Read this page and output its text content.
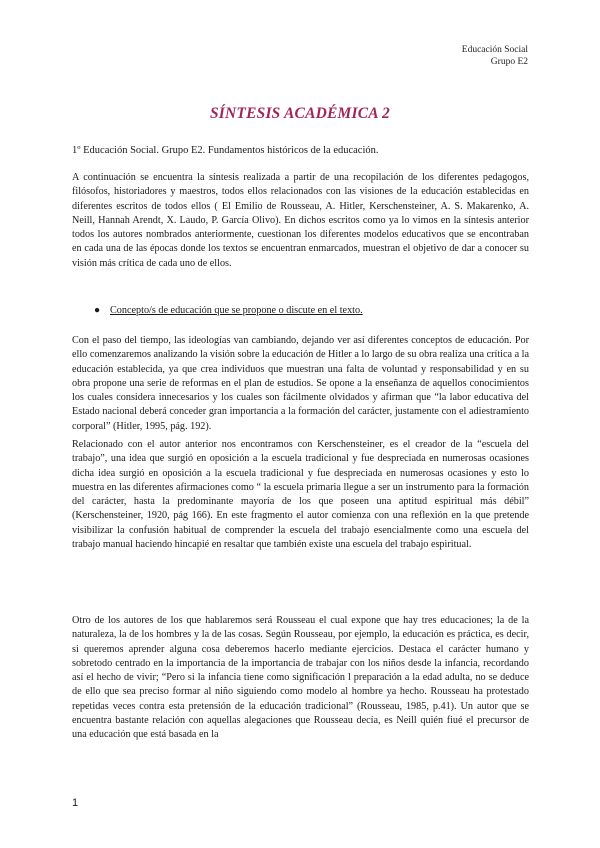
Educación Social
Grupo E2
SÍNTESIS ACADÉMICA 2
1º Educación Social. Grupo E2. Fundamentos históricos de la educación.

A continuación se encuentra la síntesis realizada a partir de una recopilación de los diferentes pedagogos, filósofos, historiadores y maestros, todos ellos relacionados con las visiones de la educación establecidas en diferentes escritos de todos ellos ( El Emilio de Rousseau, A. Hitler, Kerschensteiner, A. S. Makarenko, A. Neill, Hannah Arendt, X. Laudo, P. García Olivo). En dichos escritos como ya lo vimos en la síntesis anterior todos los autores nombrados anteriormente, cuestionan los diferentes modelos educativos que se encontraban en cada una de las épocas donde los textos se encuentran enmarcados, muestran el objetivo de dar a conocer su visión más crítica de cada uno de ellos.

● Concepto/s de educación que se propone o discute en el texto.

Con el paso del tiempo, las ideologías van cambiando, dejando ver así diferentes conceptos de educación. Por ello comenzaremos analizando la visión sobre la educación de Hitler a lo largo de su obra realiza una crítica a la educación establecida, ya que crea individuos que muestran una falta de voluntad y responsabilidad y en su obra propone una serie de reformas en el plan de estudios. Se opone a la enseñanza de aquellos conocimientos los cuales considera innecesarios y los cuales son fácilmente olvidados y afirman que “la labor educativa del Estado nacional deberá conceder gran importancia a la formación del carácter, justamente con el adiestramiento corporal” (Hitler, 1995, pág. 192).

Relacionado con el autor anterior nos encontramos con Kerschensteiner, es el creador de la “escuela del trabajo”, una idea que surgió en oposición a la escuela tradicional y fue despreciada en numerosas ocasiones dicha idea surgió en oposición a la escuela tradicional y fue despreciada en numerosas ocasiones y esto lo muestra en las diferentes afirmaciones como “ la escuela primaria llegue a ser un instrumento para la formación del carácter, hasta la predominante mayoría de los que poseen una aptitud espiritual más débil” (Kerschensteiner, 1920, pág 166). En este fragmento el autor comienza con una reflexión en la que pretende visibilizar la confusión habitual de comprender la escuela del trabajo esencialmente como una escuela del trabajo manual haciendo hincapié en resaltar que también existe una escuela del trabajo espiritual.

Otro de los autores de los que hablaremos será Rousseau el cual expone que hay tres educaciones; la de la naturaleza, la de los hombres y la de las cosas. Según Rousseau, por ejemplo, la educación es práctica, es decir, si queremos aprender alguna cosa deberemos hacerlo mediante ejercicios. Destaca el carácter humano y sobretodo centrado en la importancia de la importancia de trabajar con los niños desde la infancia, recordando así el hecho de vivir; “Pero si la infancia tiene como significación l preparación a la edad adulta, no se deduce de ello que sea preciso formar al niño siguiendo como modelo al hombre ya hecho. Rousseau ha protestado repetidas veces contra esta pretensión de la educación tradicional” (Rousseau, 1985, p.41). Un autor que se encuentra bastante relación con aquellas alegaciones que Rousseau decía, es Neill quién fiué el precursor de una educación que está basada en la

1
